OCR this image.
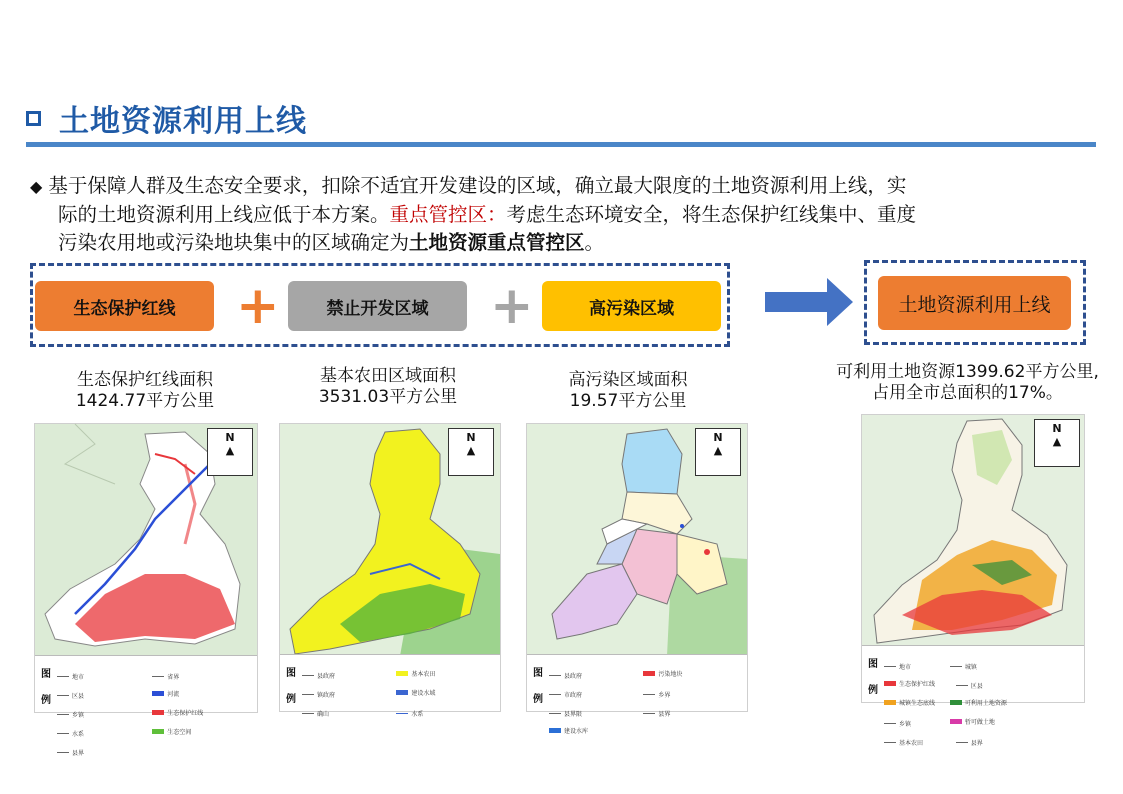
土地资源利用上线
◆ 基于保障人群及生态安全要求，扣除不适宜开发建设的区域，确立最大限度的土地资源利用上线，实
际的土地资源利用上线应低于本方案。重点管控区：考虑生态环境安全，将生态保护红线集中、重度
污染农用地或污染地块集中的区域确定为土地资源重点管控区。
生态保护红线	+	禁止开发区域	+	高污染区域	土地资源利用上线
生态保护红线面积
1424.77平方公里
基本农田区域面积
3531.03平方公里
高污染区域面积
19.57平方公里
可利用土地资源1399.62平方公里,
占用全市总面积的17%。
N
▲
图
例
地市
	省界

区县
	河流

乡镇
	生态保护红线

水系
	生态空间

县界
N
▲
图
例
县政府
	基本农田

镇政府
	建设水域

确山
	水系
N
▲
图
例
县政府
	污染地块

市政府
	乡界

县界限
	县界

建设水库
N
▲
图
例
地市
	城镇

生态保护红线
	区县

城镇生态底线
	可利用土地资源

乡镇
	暂可做土地

基本农田
	县界
